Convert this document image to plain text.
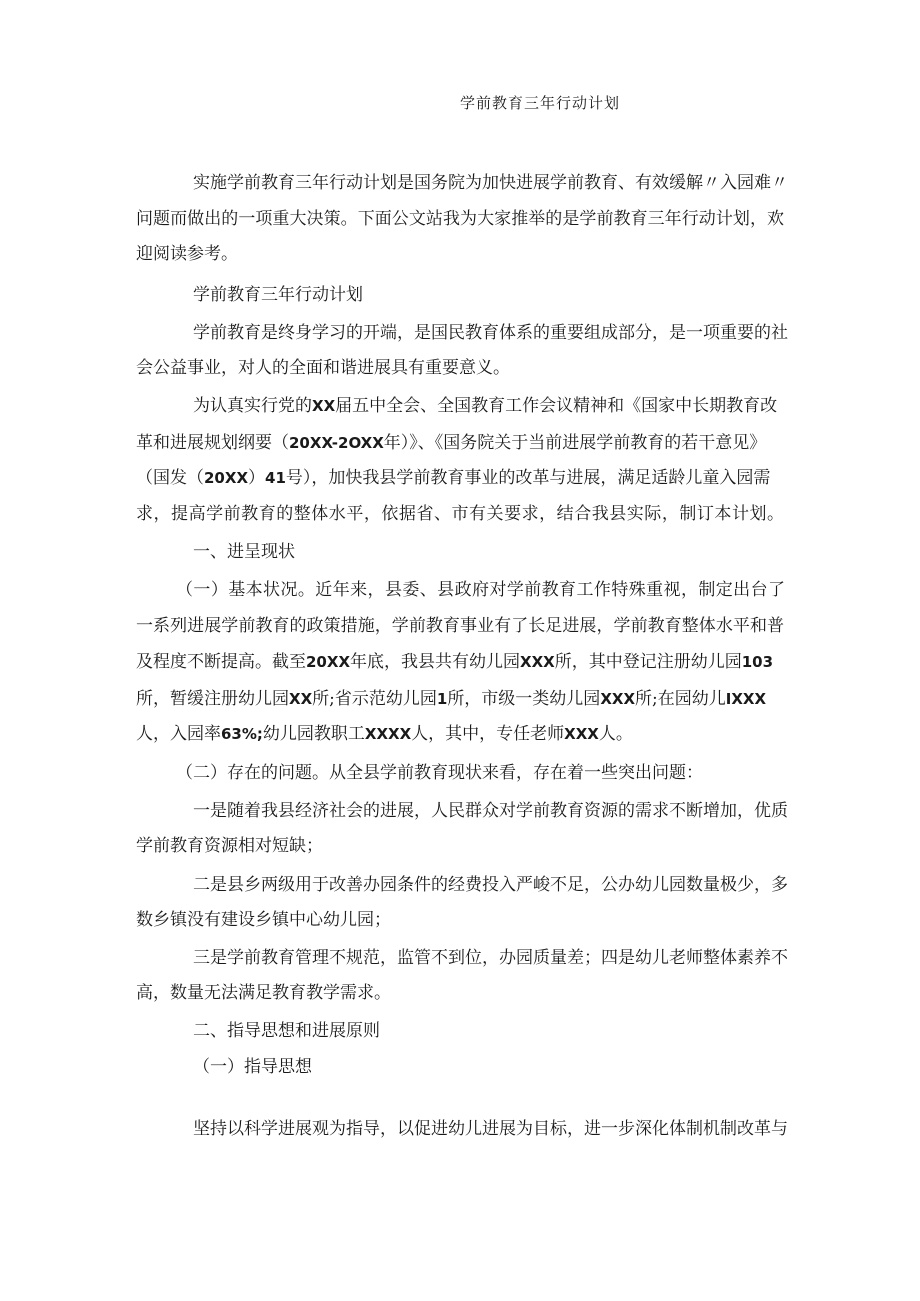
学前教育三年行动计划
实施学前教育三年行动计划是国务院为加快进展学前教育、有效缓解〃入园难〃
问题而做出的一项重大决策。下面公文站我为大家推举的是学前教育三年行动计划，欢
迎阅读参考。
学前教育三年行动计划
学前教育是终身学习的开端，是国民教育体系的重要组成部分，是一项重要的社
会公益事业，对人的全面和谐进展具有重要意义。
为认真实行党的XX届五中全会、全国教育工作会议精神和《国家中长期教育改
革和进展规划纲要（20XX-2OXX年）》、《国务院关于当前进展学前教育的若干意见》
（国发（20XX）41号），加快我县学前教育事业的改革与进展，满足适龄儿童入园需
求，提高学前教育的整体水平，依据省、市有关要求，结合我县实际，制订本计划。
一、进呈现状
（一）基本状况。近年来，县委、县政府对学前教育工作特殊重视，制定出台了
一系列进展学前教育的政策措施，学前教育事业有了长足进展，学前教育整体水平和普
及程度不断提高。截至20XX年底，我县共有幼儿园XXX所，其中登记注册幼儿园103
所，暂缓注册幼儿园XX所;省示范幼儿园1所，市级一类幼儿园XXX所;在园幼儿IXXX
人，入园率63%;幼儿园教职工XXXX人，其中，专任老师XXX人。
（二）存在的问题。从全县学前教育现状来看，存在着一些突出问题：
一是随着我县经济社会的进展，人民群众对学前教育资源的需求不断增加，优质
学前教育资源相对短缺；
二是县乡两级用于改善办园条件的经费投入严峻不足，公办幼儿园数量极少，多
数乡镇没有建设乡镇中心幼儿园；
三是学前教育管理不规范，监管不到位，办园质量差；四是幼儿老师整体素养不
高，数量无法满足教育教学需求。
二、指导思想和进展原则
（一）指导思想
坚持以科学进展观为指导，以促进幼儿进展为目标，进一步深化体制机制改革与
